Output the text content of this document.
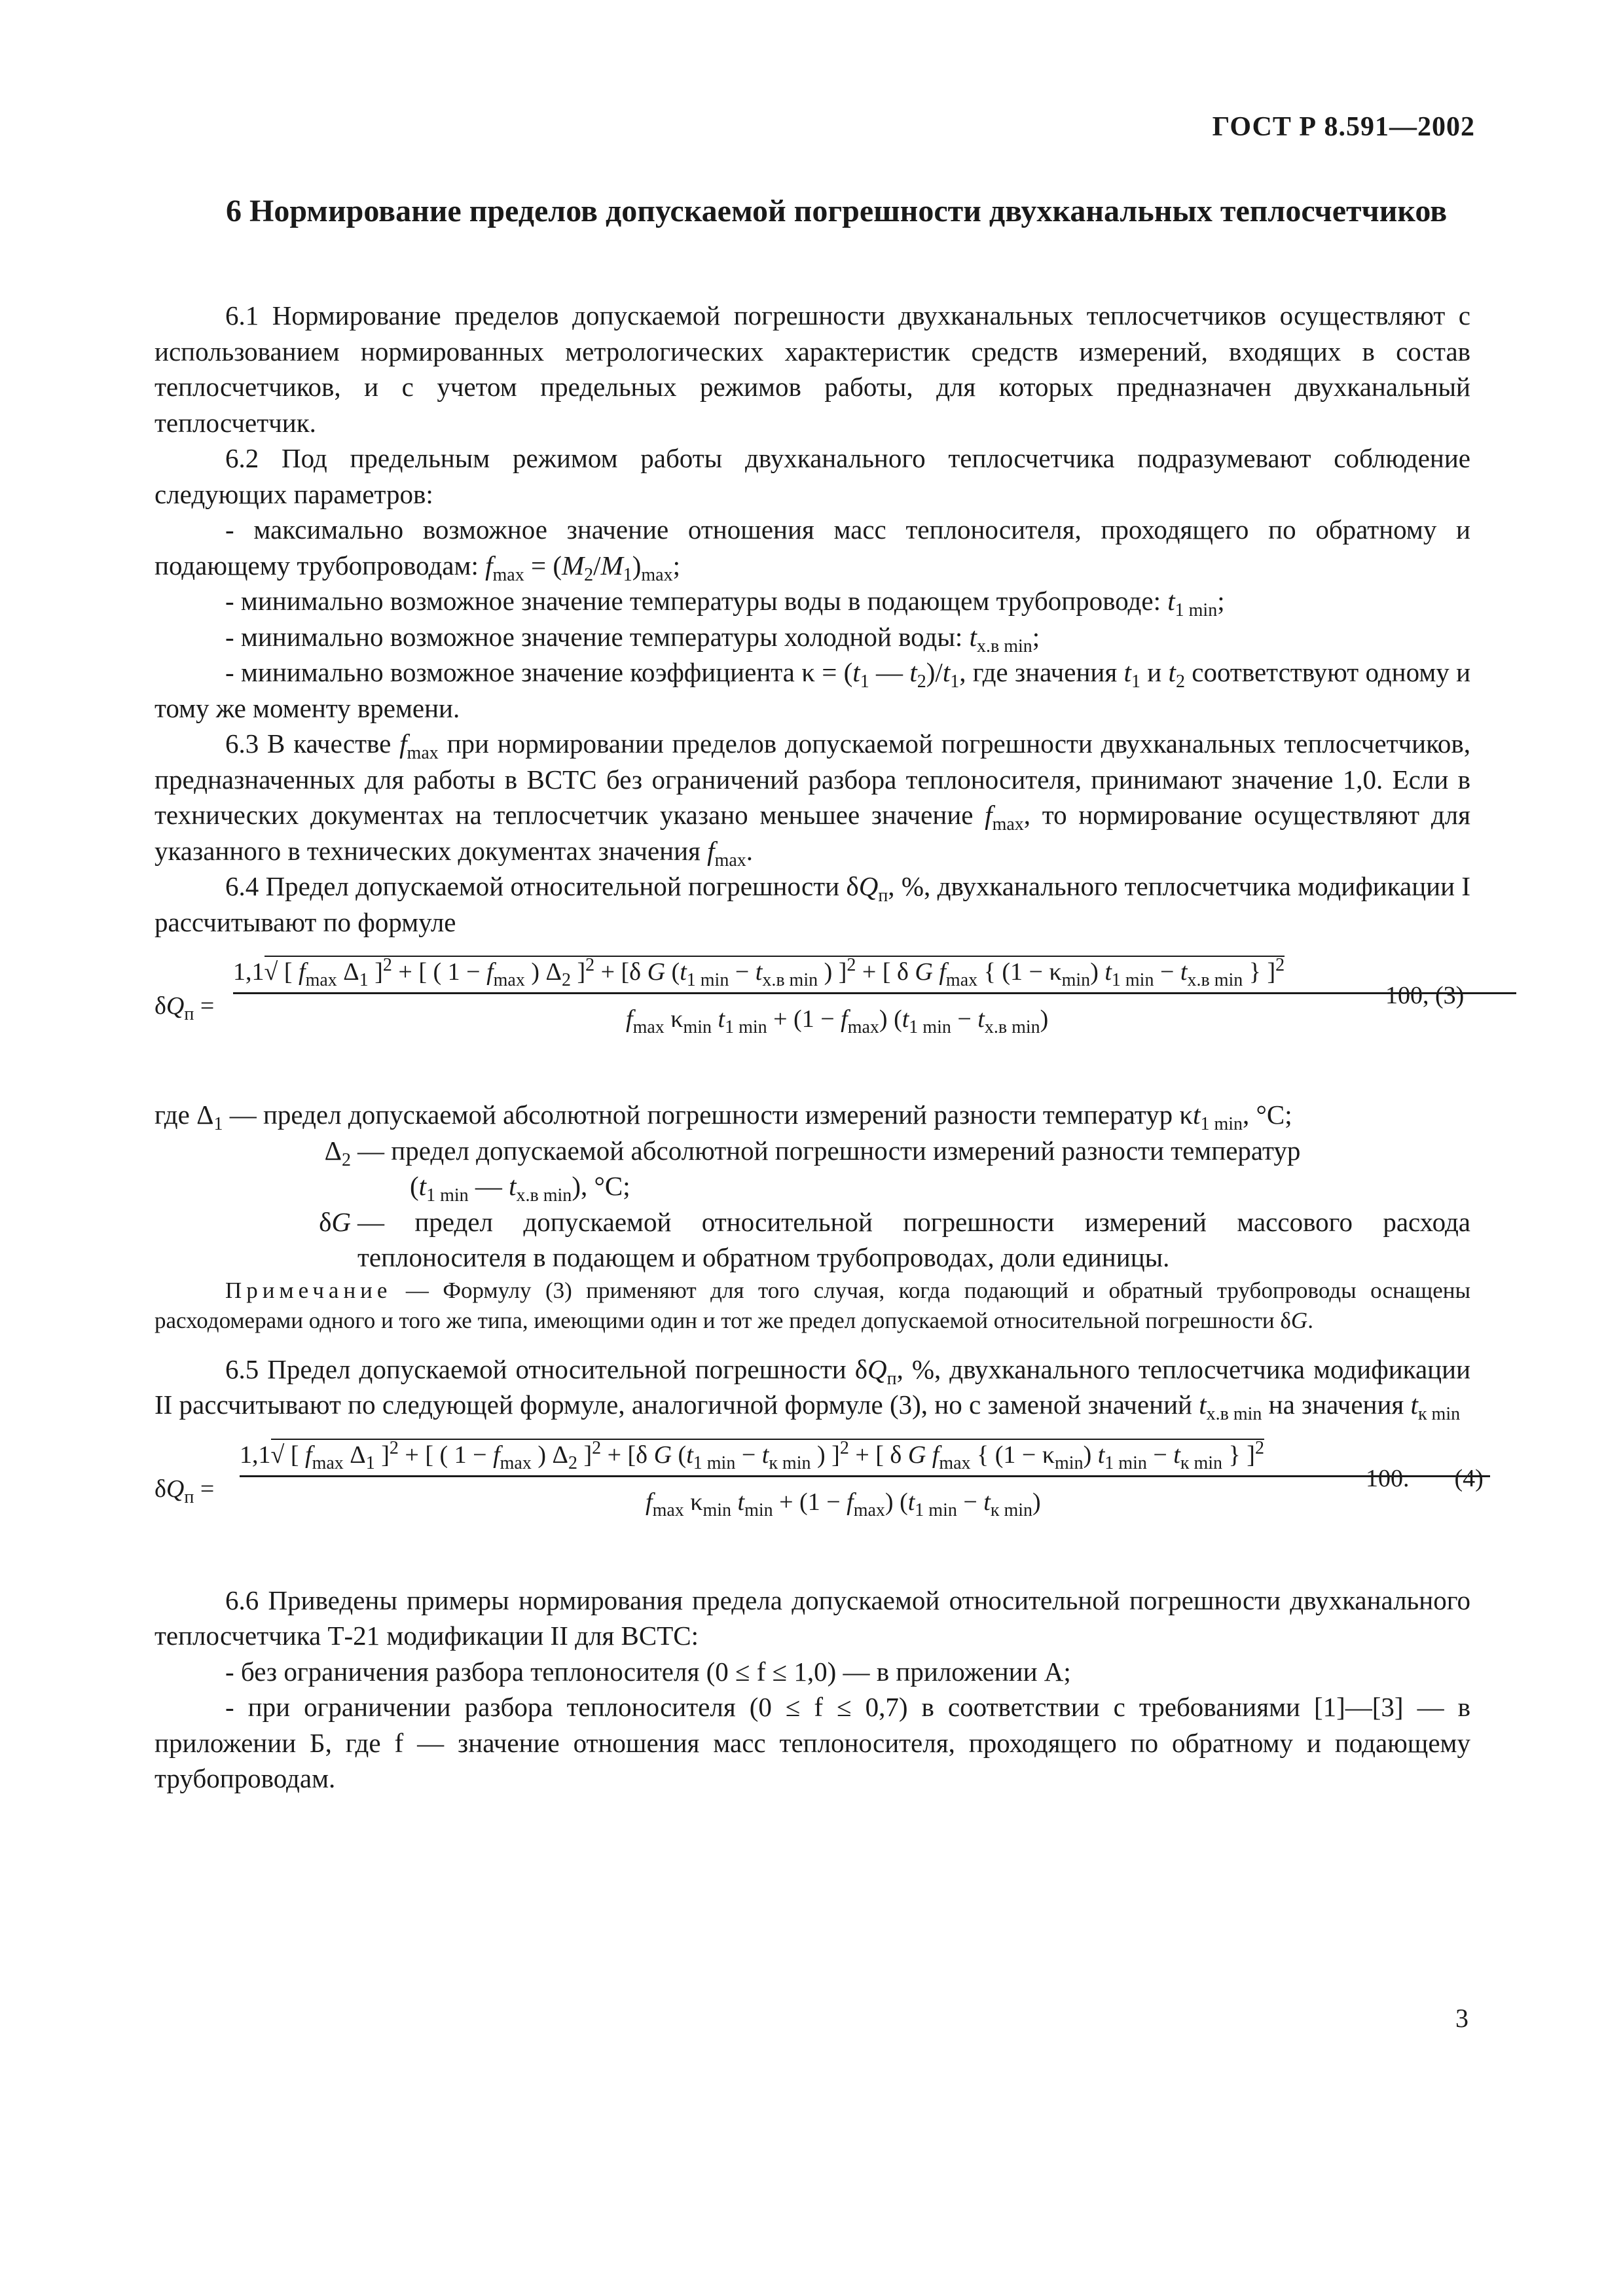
ГОСТ Р 8.591—2002
6 Нормирование пределов допускаемой погрешности двухканальных теплосчетчиков

6.1 Нормирование пределов допускаемой погрешности двухканальных теплосчетчиков осуществляют с использованием нормированных метрологических характеристик средств измерений, входящих в состав теплосчетчиков, и с учетом предельных режимов работы, для которых предназначен двухканальный теплосчетчик.

6.2 Под предельным режимом работы двухканального теплосчетчика подразумевают соблюдение следующих параметров:

- максимально возможное значение отношения масс теплоносителя, проходящего по обратному и подающему трубопроводам: $f_{max} = (M_2/M_1)_{max}$;

- минимально возможное значение температуры воды в подающем трубопроводе: $t_{1 min}$;

- минимально возможное значение температуры холодной воды: $t_{х.в min}$;

- минимально возможное значение коэффициента $\kappa = (t_1$ — $t_2)/t_1$, где значения $t_1$ и $t_2$ соответствуют одному и тому же моменту времени.

6.3 В качестве $f_{max}$ при нормировании пределов допускаемой погрешности двухканальных теплосчетчиков, предназначенных для работы в ВСТС без ограничений разбора теплоносителя, принимают значение 1,0. Если в технических документах на теплосчетчик указано меньшее значение $f_{max}$, то нормирование осуществляют для указанного в технических документах значения $f_{max}$.

6.4 Предел допускаемой относительной погрешности $\delta Q_п$, %, двухканального теплосчетчика модификации I рассчитывают по формуле

$\delta Q_п$ =
1,1√ [ $f_{max}$ $\Delta_1$ ]$^2$ + [ ( $1 - f_{max}$ ) $\Delta_2$ ]$^2$ + [δ G ($t_{1 min} - t_{х.в min}$ ) ]$^2$ + [ δ G $f_{max}$ { $(1 - \kappa_{min})$ $t_{1 min} - t_{х.в min}$ } ]$^2$
$f_{max}$ $\kappa_{min}$ $t_{1 min} + (1 - f_{max}) (t_{1 min} - t_{х.в min})$
100, (3)

где $\Delta_1$ — предел допускаемой абсолютной погрешности измерений разности температур $\kappa t_{1 min}$, °С;

$\Delta_2$ — предел допускаемой абсолютной погрешности измерений разности температур
($t_{1 min}$ — $t_{х.в min}$), °С;

δG — предел допускаемой относительной погрешности измерений массового расхода теплоносителя в подающем и обратном трубопроводах, доли единицы.

Примечание — Формулу (3) применяют для того случая, когда подающий и обратный трубопроводы оснащены расходомерами одного и того же типа, имеющими один и тот же предел допускаемой относительной погрешности δG.

6.5 Предел допускаемой относительной погрешности $\delta Q_п$, %, двухканального теплосчетчика модификации II рассчитывают по следующей формуле, аналогичной формуле (3), но с заменой значений $t_{х.в min}$ на значения $t_{к min}$

$\delta Q_п$ =
1,1√ [ $f_{max}$ $\Delta_1$ ]$^2$ + [ ( $1 - f_{max}$ ) $\Delta_2$ ]$^2$ + [δ G ($t_{1 min} - t_{к min}$ ) ]$^2$ + [ δ G $f_{max}$ { $(1 - \kappa_{min})$ $t_{1 min} - t_{к min}$ } ]$^2$
$f_{max}$ $\kappa_{min}$ $t_{min} + (1 - f_{max}) (t_{1 min} - t_{к min})$
100.  (4)

6.6 Приведены примеры нормирования предела допускаемой относительной погрешности двухканального теплосчетчика Т-21 модификации II для ВСТС:

- без ограничения разбора теплоносителя (0 ≤ f ≤ 1,0) — в приложении А;

- при ограничении разбора теплоносителя (0 ≤ f ≤ 0,7) в соответствии с требованиями [1]—[3] — в приложении Б, где f — значение отношения масс теплоносителя, проходящего по обратному и подающему трубопроводам.

3
